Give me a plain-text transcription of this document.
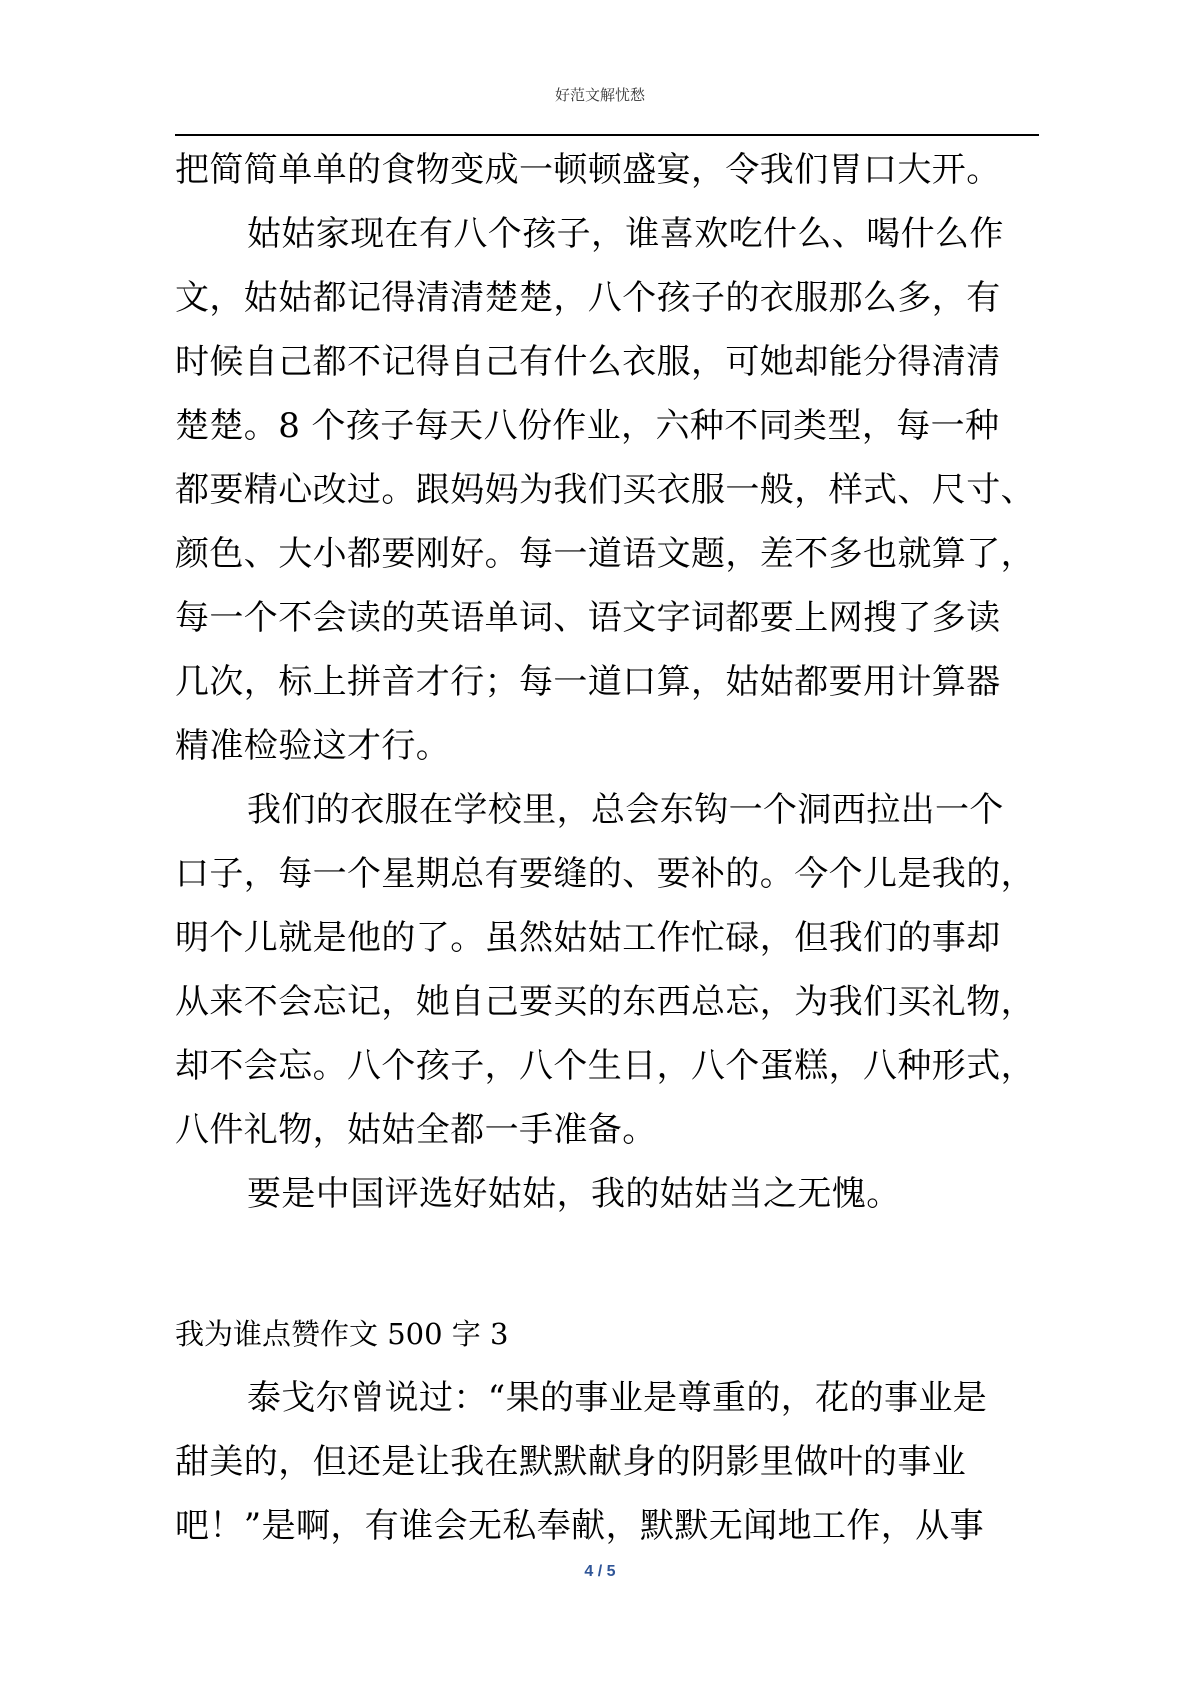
好范文解忧愁
把简简单单的食物变成一顿顿盛宴，令我们胃口大开。
姑姑家现在有八个孩子，谁喜欢吃什么、喝什么作
文，姑姑都记得清清楚楚，八个孩子的衣服那么多，有
时候自己都不记得自己有什么衣服，可她却能分得清清
楚楚。8 个孩子每天八份作业，六种不同类型，每一种
都要精心改过。跟妈妈为我们买衣服一般，样式、尺寸、
颜色、大小都要刚好。每一道语文题，差不多也就算了，
每一个不会读的英语单词、语文字词都要上网搜了多读
几次，标上拼音才行；每一道口算，姑姑都要用计算器
精准检验这才行。
我们的衣服在学校里，总会东钩一个洞西拉出一个
口子，每一个星期总有要缝的、要补的。今个儿是我的，
明个儿就是他的了。虽然姑姑工作忙碌，但我们的事却
从来不会忘记，她自己要买的东西总忘，为我们买礼物，
却不会忘。八个孩子，八个生日，八个蛋糕，八种形式，
八件礼物，姑姑全都一手准备。
要是中国评选好姑姑，我的姑姑当之无愧。
我为谁点赞作文 500 字 3
泰戈尔曾说过：“果的事业是尊重的，花的事业是
甜美的，但还是让我在默默献身的阴影里做叶的事业
吧！”是啊，有谁会无私奉献，默默无闻地工作，从事
4 / 5
